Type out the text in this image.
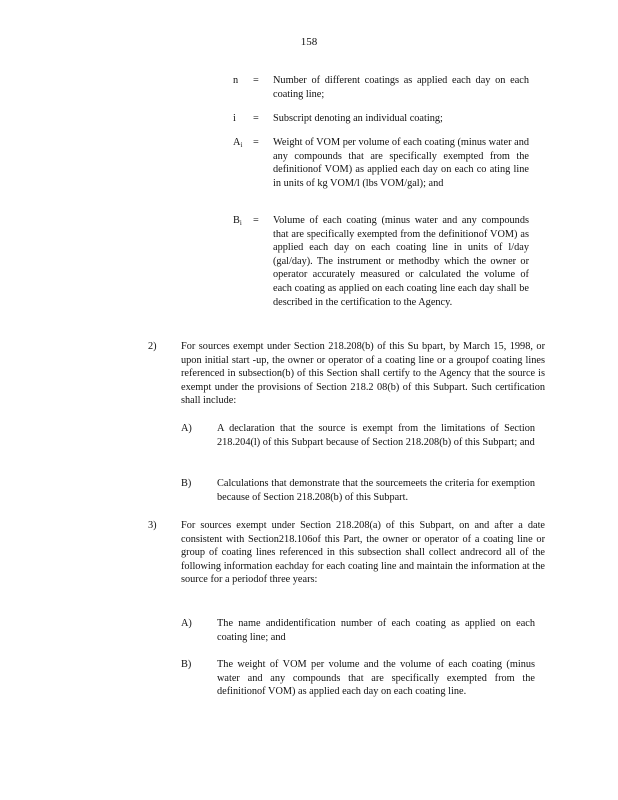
158
n	=	Number of different coatings as applied each day on each coating line;
i	=	Subscript denoting an individual coating;
$A_i$	=	Weight of VOM per volume of each coating (minus water and any compounds that are specifically exempted from the definitionof VOM) as applied each day on each co ating line in units of kg VOM/l (lbs VOM/gal); and
$B_i$	=	Volume of each coating (minus water and any compounds that are specifically exempted from the definitionof VOM) as applied each day on each coating line in units of l/day (gal/day). The instrument or methodby which the owner or operator accurately measured or calculated the volume of each coating as applied on each coating line each day shall be described in the certification to the Agency.
2)	For sources exempt under Section 218.208(b) of this Su bpart, by March 15, 1998, or upon initial start -up, the owner or operator of a coating line or a groupof coating lines referenced in subsection(b) of this Section shall certify to the Agency that the source is exempt under the provisions of Section 218.2 08(b) of this Subpart. Such certification shall include:
A)	A declaration that the source is exempt from the limitations of Section 218.204(l) of this Subpart because of Section 218.208(b) of this Subpart; and
B)	Calculations that demonstrate that the sourcemeets the criteria for exemption because of Section 218.208(b) of this Subpart.
3)	For sources exempt under Section 218.208(a) of this Subpart, on and after a date consistent with Section218.106of this Part, the owner or operator of a coating line or group of coating lines referenced in this subsection shall collect andrecord all of the following information eachday for each coating line and maintain the information at the source for a periodof three years:
A)	The name andidentification number of each coating as applied on each coating line; and
B)	The weight of VOM per volume and the volume of each coating (minus water and any compounds that are specifically exempted from the definitionof VOM) as applied each day on each coating line.
